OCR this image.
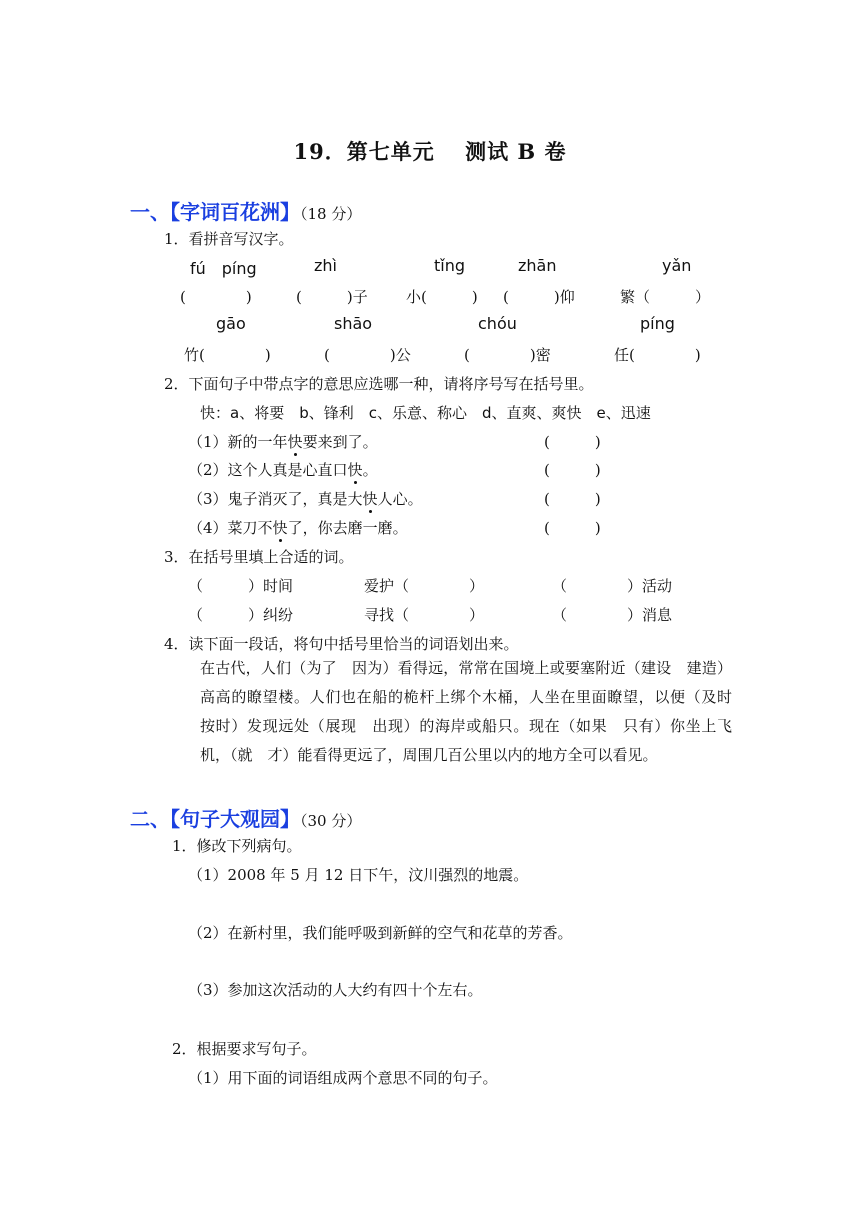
19．第七单元　 测试 B 卷
一、【字词百花洲】（18 分）
1．看拼音写汉字。
fú　píng	zhì	tǐng	zhān	yǎn
(　　　　)	(　　　)子	小(　　　) (　　　)仰	繁（　　　）
gāo	shāo	chóu	píng
竹(　　　　)	(　　　　)公	(　　　　)密	任(　　　　)
2．下面句子中带点字的意思应选哪一种，请将序号写在括号里。
快：a、将要　b、锋利　c、乐意、称心　d、直爽、爽快　e、迅速
（1）新的一年快要来到了。	(　　　)
（2）这个人真是心直口快。	(　　　)
（3）鬼子消灭了，真是大快人心。	(　　　)
（4）菜刀不快了，你去磨一磨。	(　　　)
3．在括号里填上合适的词。
（　　　）时间	爱护（　　　　）	（　　　　）活动
（　　　）纠纷	寻找（　　　　）	（　　　　）消息
4．读下面一段话，将句中括号里恰当的词语划出来。
在古代，人们（为了　因为）看得远，常常在国境上或要塞附近（建设　建造）高高的瞭望楼。人们也在船的桅杆上绑个木桶，人坐在里面瞭望，以便（及时　按时）发现远处（展现　出现）的海岸或船只。现在（如果　只有）你坐上飞机，（就　才）能看得更远了，周围几百公里以内的地方全可以看见。
二、【句子大观园】（30 分）
1．修改下列病句。
（1）2008 年 5 月 12 日下午，汶川强烈的地震。
（2）在新村里，我们能呼吸到新鲜的空气和花草的芳香。
（3）参加这次活动的人大约有四十个左右。
2．根据要求写句子。
（1）用下面的词语组成两个意思不同的句子。
